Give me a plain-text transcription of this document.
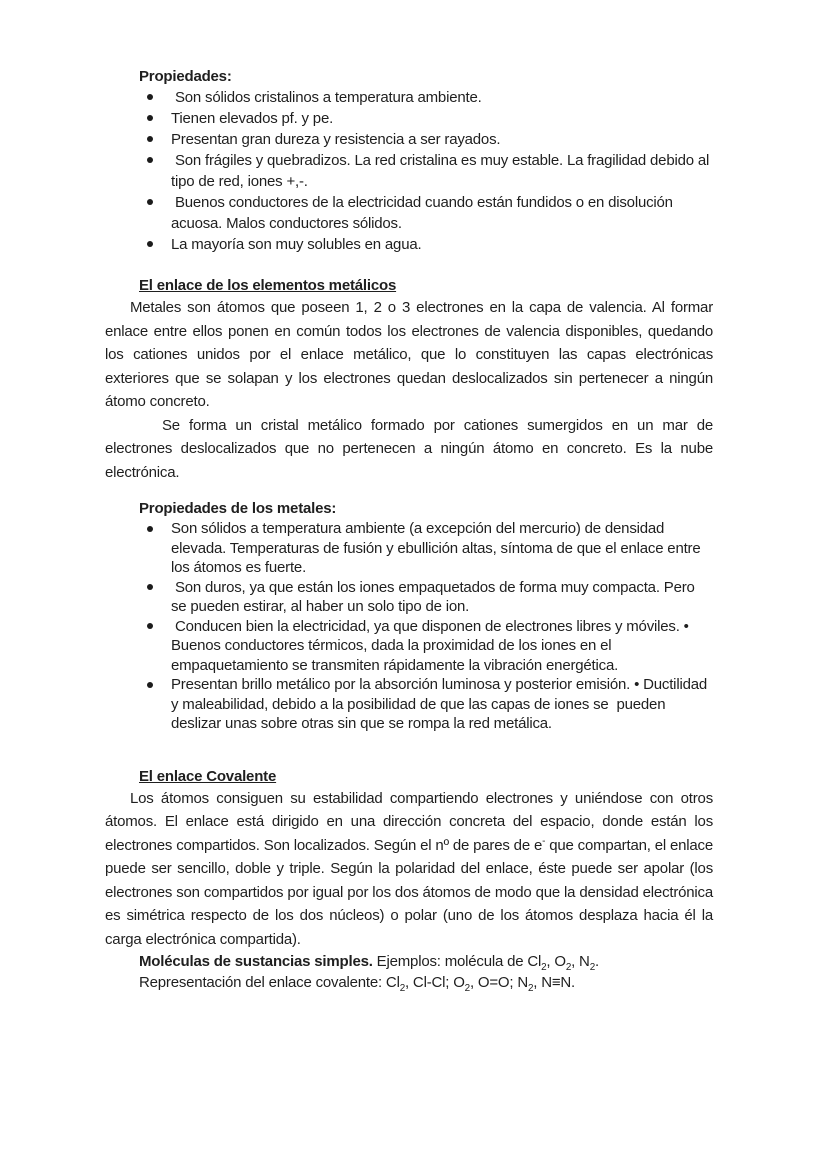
Propiedades:
Son sólidos cristalinos a temperatura ambiente.
Tienen elevados pf. y pe.
Presentan gran dureza y resistencia a ser rayados.
Son frágiles y quebradizos. La red cristalina es muy estable. La fragilidad debido al  tipo de red, iones +,-.
Buenos conductores de la electricidad cuando están fundidos o en disolución  acuosa. Malos conductores sólidos.
La mayoría son muy solubles en agua.
El enlace de los elementos metálicos

Metales son átomos que poseen 1, 2 o 3 electrones en la capa de valencia. Al formar enlace entre ellos ponen en común todos los electrones de valencia disponibles, quedando los cationes unidos por el enlace metálico, que lo constituyen las capas electrónicas exteriores que se solapan y los electrones quedan deslocalizados sin pertenecer a ningún átomo concreto.

Se forma un cristal metálico formado por cationes sumergidos en un mar de electrones deslocalizados que no pertenecen a ningún átomo en concreto. Es la nube electrónica.

Propiedades de los metales:
Son sólidos a temperatura ambiente (a excepción del mercurio) de densidad  elevada. Temperaturas de fusión y ebullición altas, síntoma de que el enlace entre  los átomos es fuerte.
Son duros, ya que están los iones empaquetados de forma muy compacta. Pero se pueden estirar, al haber un solo tipo de ion.
Conducen bien la electricidad, ya que disponen de electrones libres y móviles. • Buenos conductores térmicos, dada la proximidad de los iones en el  empaquetamiento se transmiten rápidamente la vibración energética.
Presentan brillo metálico por la absorción luminosa y posterior emisión. • Ductilidad y maleabilidad, debido a la posibilidad de que las capas de iones se  pueden deslizar unas sobre otras sin que se rompa la red metálica.
El enlace Covalente

Los átomos consiguen su estabilidad compartiendo electrones y uniéndose con otros átomos. El enlace está dirigido en una dirección concreta del espacio, donde están los electrones compartidos. Son localizados. Según el nº de pares de e- que compartan, el enlace puede ser sencillo, doble y triple. Según la polaridad del enlace, éste puede ser apolar (los electrones son compartidos por igual por los dos átomos de modo que la densidad electrónica es simétrica respecto de los dos núcleos) o polar (uno de los átomos desplaza hacia él la carga electrónica compartida).

Moléculas de sustancias simples. Ejemplos: molécula de $Cl_2$, $O_2$, $N_2$.

Representación del enlace covalente: $Cl_2$, Cl-Cl; $O_2$, O=O; $N_2$, N≡N.
